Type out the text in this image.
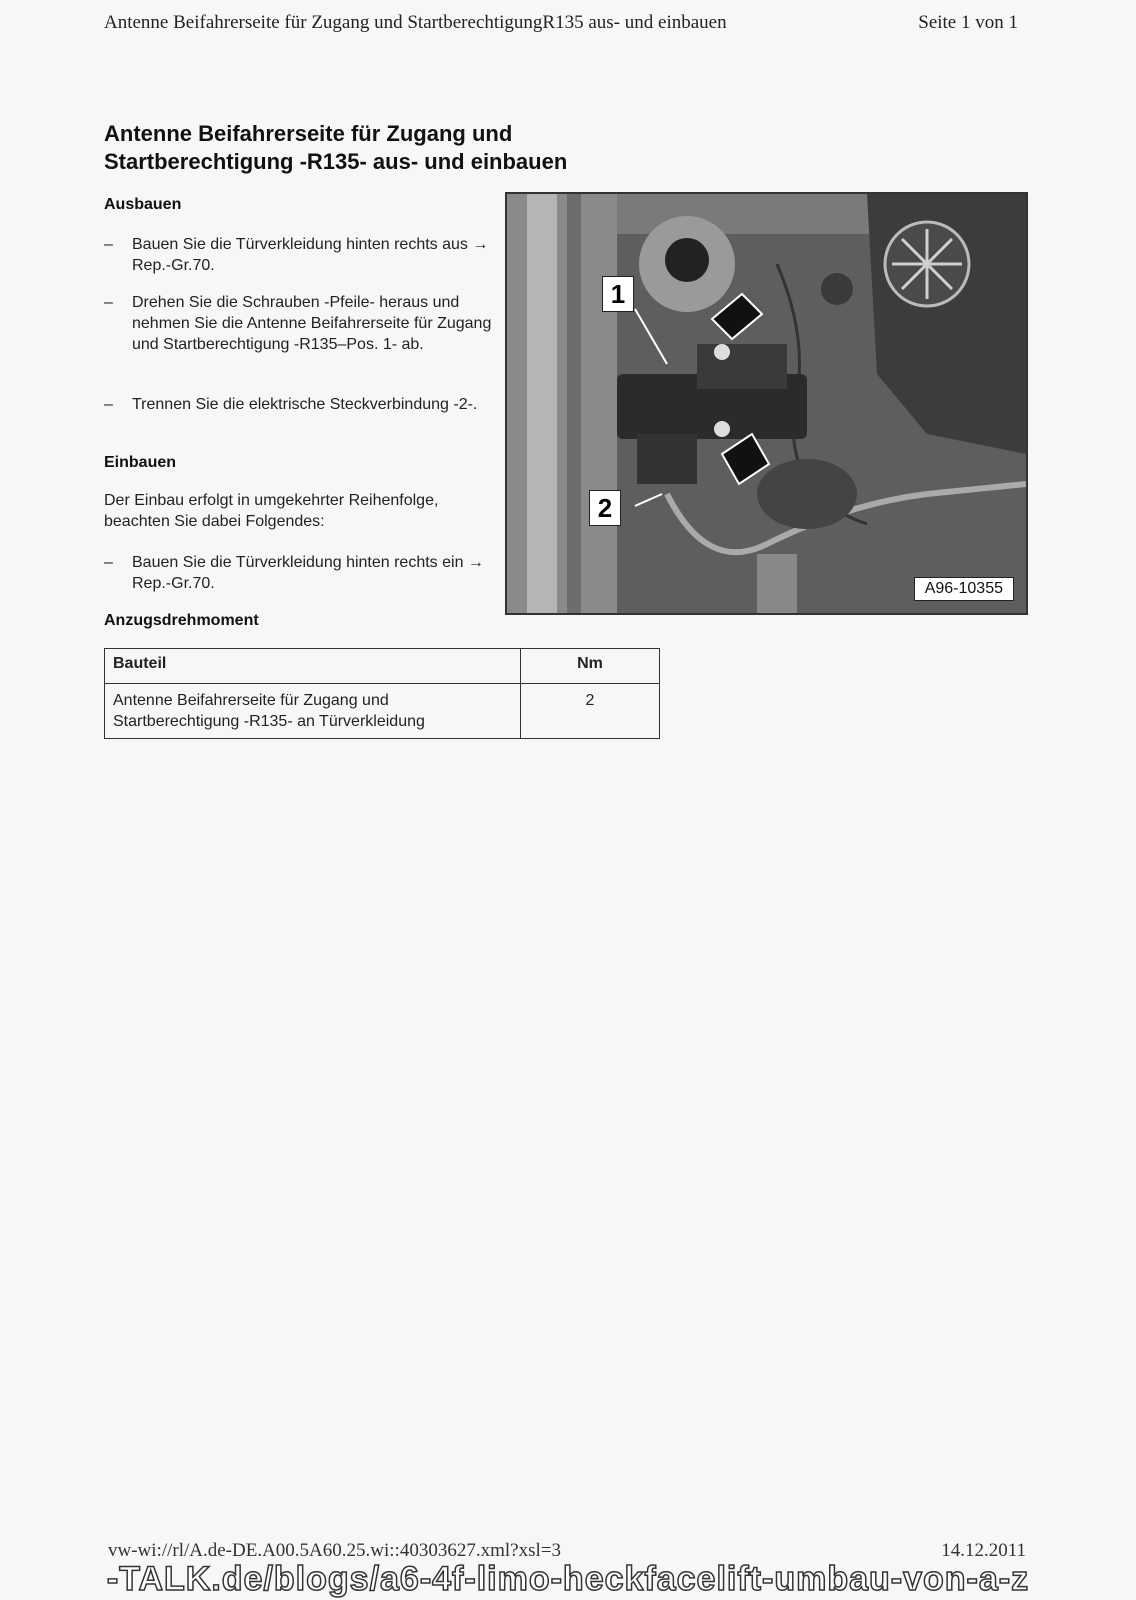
Antenne Beifahrerseite für Zugang und StartberechtigungR135 aus- und einbauen	Seite 1 von 1
Antenne Beifahrerseite für Zugang und
Startberechtigung -R135- aus- und einbauen
Ausbauen
– Bauen Sie die Türverkleidung hinten rechts aus → Rep.-Gr.70.
– Drehen Sie die Schrauben -Pfeile- heraus und nehmen Sie die Antenne Beifahrerseite für Zugang und Startberechtigung -R135–Pos. 1- ab.
– Trennen Sie die elektrische Steckverbindung -2-.
Einbauen
Der Einbau erfolgt in umgekehrter Reihenfolge, beachten Sie dabei Folgendes:
– Bauen Sie die Türverkleidung hinten rechts ein → Rep.-Gr.70.
Anzugsdrehmoment
1
2
A96-10355
Bauteil	Nm
Antenne Beifahrerseite für Zugang und Startberechtigung -R135- an Türverkleidung	2
vw-wi://rl/A.de-DE.A00.5A60.25.wi::40303627.xml?xsl=3	14.12.2011
-TALK.de/blogs/a6-4f-limo-heckfacelift-umbau-von-a-z
